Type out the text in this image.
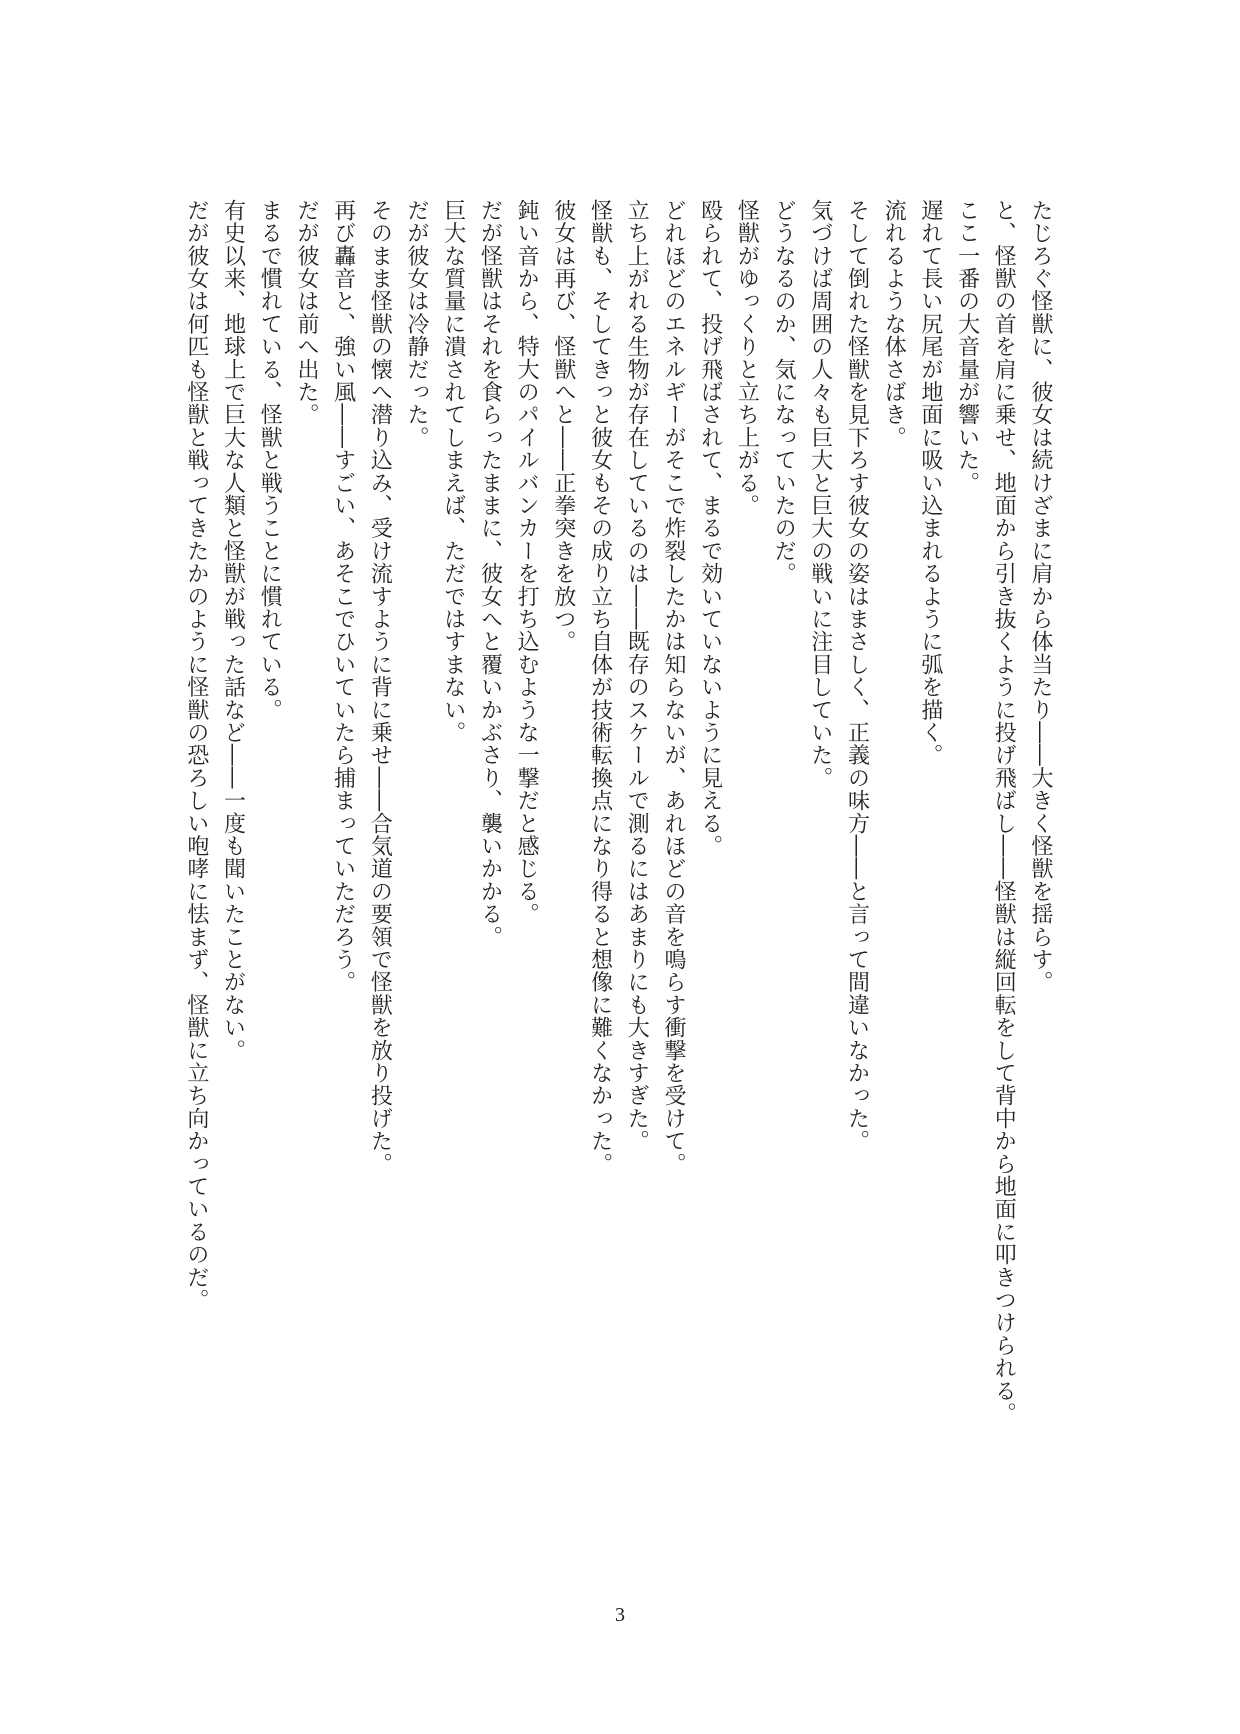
たじろぐ怪獣に、彼女は続けざまに肩から体当たり――大きく怪獣を揺らす。
と、怪獣の首を肩に乗せ、地面から引き抜くように投げ飛ばし――怪獣は縦回転をして背中から地面に叩きつけられる。
ここ一番の大音量が響いた。
遅れて長い尻尾が地面に吸い込まれるように弧を描く。
流れるような体さばき。
そして倒れた怪獣を見下ろす彼女の姿はまさしく、正義の味方――と言って間違いなかった。
気づけば周囲の人々も巨大と巨大の戦いに注目していた。
どうなるのか、気になっていたのだ。
怪獣がゆっくりと立ち上がる。
殴られて、投げ飛ばされて、まるで効いていないように見える。
どれほどのエネルギーがそこで炸裂したかは知らないが、あれほどの音を鳴らす衝撃を受けて。
立ち上がれる生物が存在しているのは――既存のスケールで測るにはあまりにも大きすぎた。
怪獣も、そしてきっと彼女もその成り立ち自体が技術転換点になり得ると想像に難くなかった。
彼女は再び、怪獣へと――正拳突きを放つ。
鈍い音から、特大のパイルバンカーを打ち込むような一撃だと感じる。
だが怪獣はそれを食らったままに、彼女へと覆いかぶさり、襲いかかる。
巨大な質量に潰されてしまえば、ただではすまない。
だが彼女は冷静だった。
そのまま怪獣の懐へ潜り込み、受け流すように背に乗せ――合気道の要領で怪獣を放り投げた。
再び轟音と、強い風――すごい、あそこでひいていたら捕まっていただろう。
だが彼女は前へ出た。
まるで慣れている、怪獣と戦うことに慣れている。
有史以来、地球上で巨大な人類と怪獣が戦った話など――一度も聞いたことがない。
だが彼女は何匹も怪獣と戦ってきたかのように怪獣の恐ろしい咆哮に怯まず、怪獣に立ち向かっているのだ。
3
